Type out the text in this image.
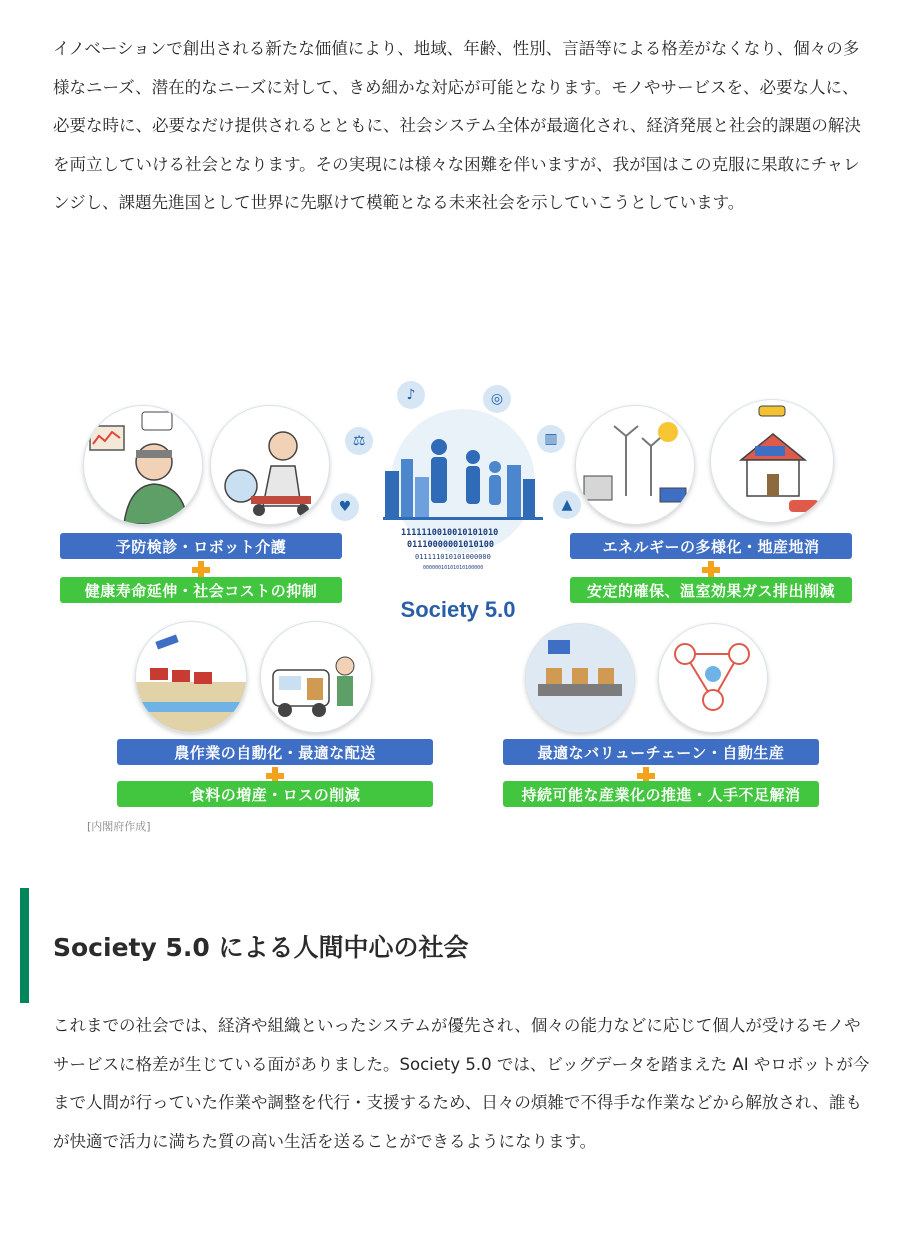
イノベーションで創出される新たな価値により、地域、年齢、性別、言語等による格差がなくなり、個々の多様なニーズ、潜在的なニーズに対して、きめ細かな対応が可能となります。モノやサービスを、必要な人に、必要な時に、必要なだけ提供されるとともに、社会システム全体が最適化され、経済発展と社会的課題の解決を両立していける社会となります。その実現には様々な困難を伴いますが、我が国はこの克服に果敢にチャレンジし、課題先進国として世界に先駆けて模範となる未来社会を示していこうとしています。

♪	◎
⚖	▥
♥	▲
1111110010010101010
01110000001010100
011111010101000000
00000010101010100000
Society 5.0
予防検診・ロボット介護
健康寿命延伸・社会コストの抑制
エネルギーの多様化・地産地消
安定的確保、温室効果ガス排出削減
農作業の自動化・最適な配送
食料の増産・ロスの削減
最適なバリューチェーン・自動生産
持続可能な産業化の推進・人手不足解消
[内閣府作成]
Society 5.0 による人間中心の社会

これまでの社会では、経済や組織といったシステムが優先され、個々の能力などに応じて個人が受けるモノやサービスに格差が生じている面がありました。Society 5.0 では、ビッグデータを踏まえた AI やロボットが今まで人間が行っていた作業や調整を代行・支援するため、日々の煩雑で不得手な作業などから解放され、誰もが快適で活力に満ちた質の高い生活を送ることができるようになります。
